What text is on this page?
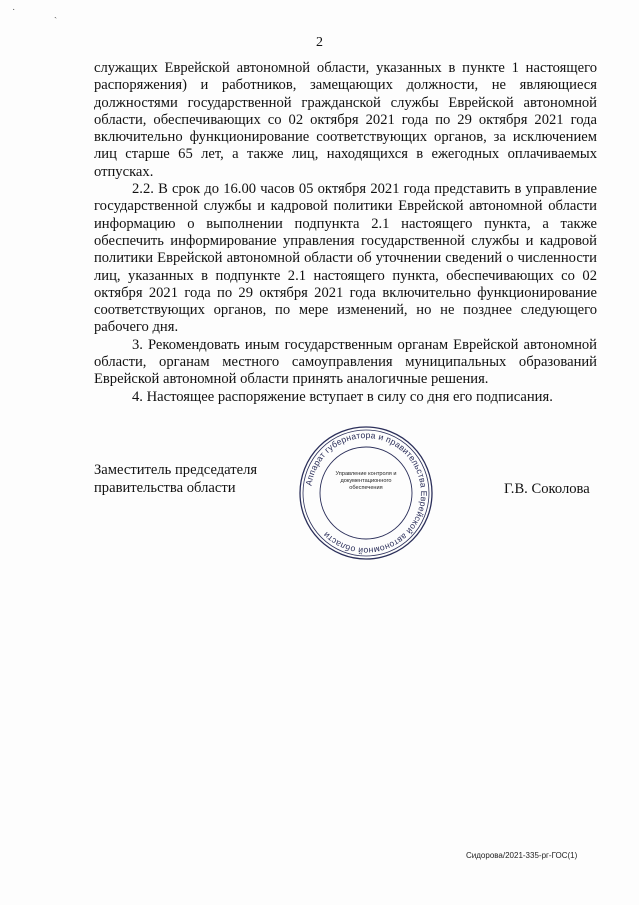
˙ ˏ
2

служащих Еврейской автономной области, указанных в пункте 1 настоящего распоряжения) и работников, замещающих должности, не являющиеся должностями государственной гражданской службы Еврейской автономной области, обеспечивающих со 02 октября 2021 года по 29 октября 2021 года включительно функционирование соответствующих органов, за исключением лиц старше 65 лет, а также лиц, находящихся в ежегодных оплачиваемых отпусках.

2.2. В срок до 16.00 часов 05 октября 2021 года представить в управление государственной службы и кадровой политики Еврейской автономной области информацию о выполнении подпункта 2.1 настоящего пункта, а также обеспечить информирование управления государственной службы и кадровой политики Еврейской автономной области об уточнении сведений о численности лиц, указанных в подпункте 2.1 настоящего пункта, обеспечивающих со 02 октября 2021 года по 29 октября 2021 года включительно функционирование соответствующих органов, по мере изменений, но не позднее следующего рабочего дня.

3. Рекомендовать иным государственным органам Еврейской автономной области, органам местного самоуправления муниципальных образований Еврейской автономной области принять аналогичные решения.

4. Настоящее распоряжение вступает в силу со дня его подписания.

Заместитель председателя
правительства области	Аппарат губернатора и правительства Еврейской автономной области
Управление контроля и
документационного
обеспечения	Г.В. Соколова
Сидорова/2021-335-рг-ГОС(1)
